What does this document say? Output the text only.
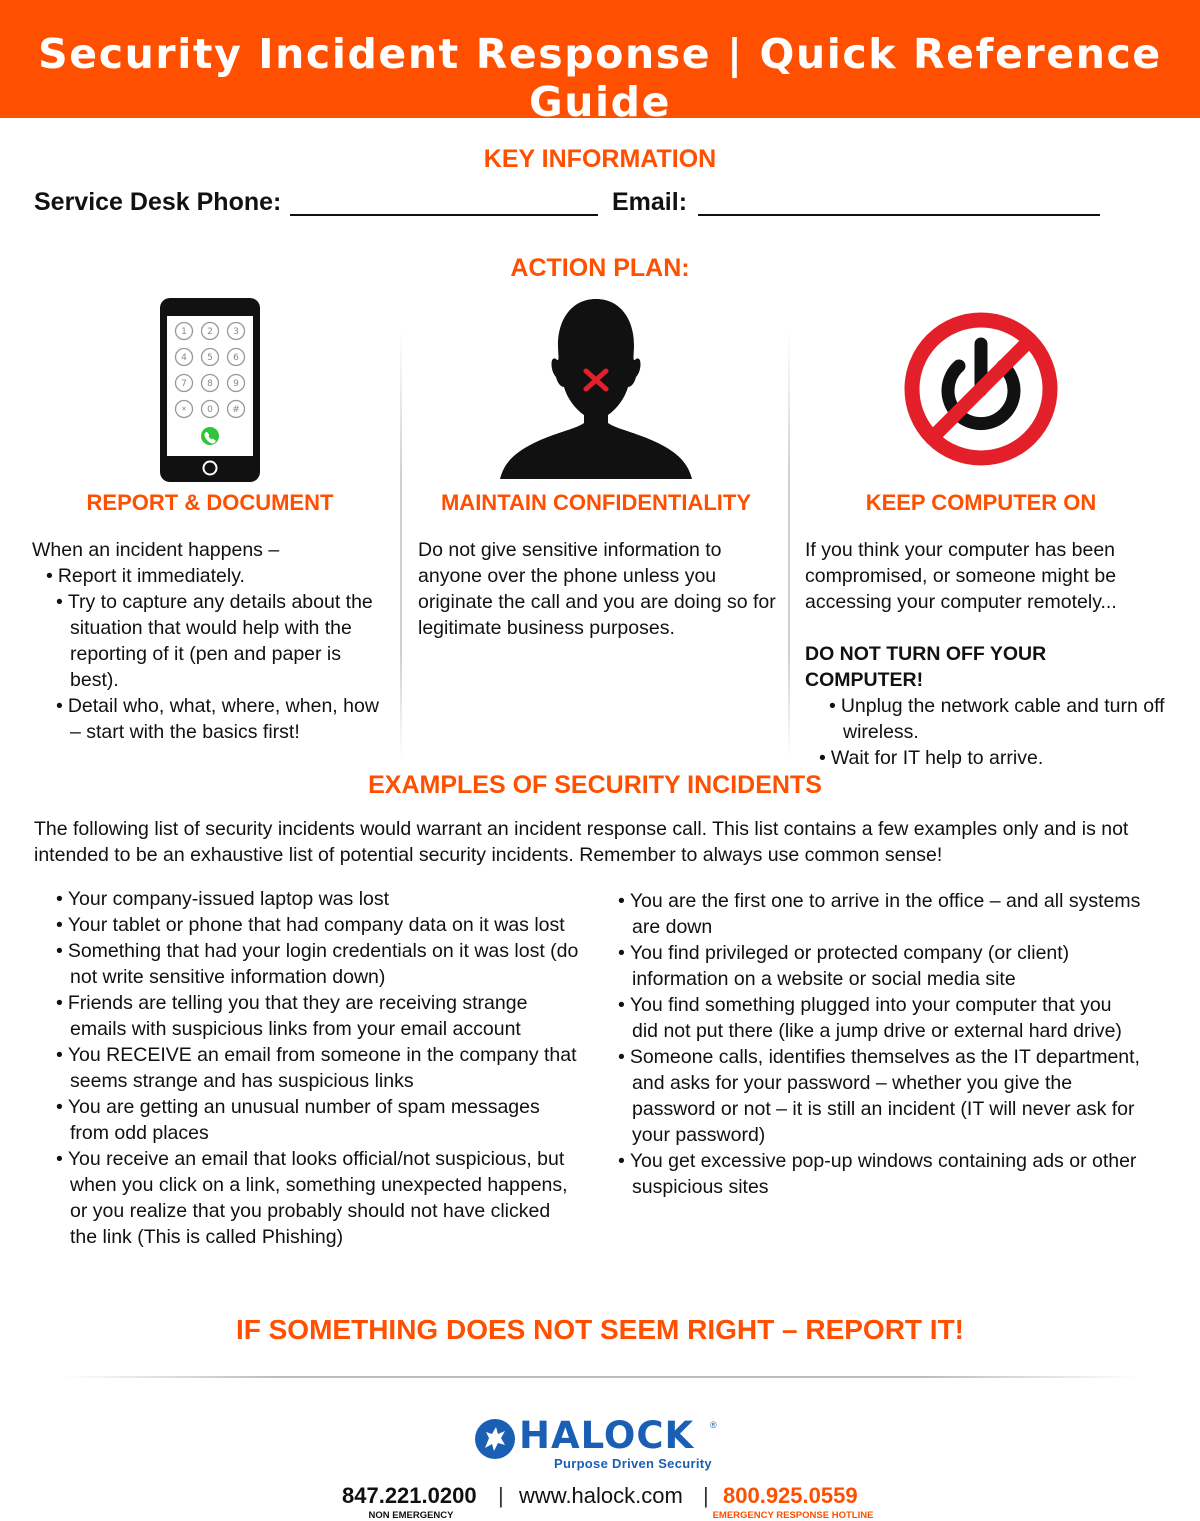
Security Incident Response | Quick Reference Guide
KEY INFORMATION
Service Desk Phone:	Email:
ACTION PLAN:
1 2 3
4 5 6
7 8 9
* 0 #
REPORT & DOCUMENT	MAINTAIN CONFIDENTIALITY	KEEP COMPUTER ON

When an incident happens –

• Report it immediately.

• Try to capture any details about the situation that would help with the reporting of it (pen and paper is best).

• Detail who, what, where, when, how – start with the basics first!

Do not give sensitive information to anyone over the phone unless you originate the call and you are doing so for legitimate business purposes.

If you think your computer has been compromised, or someone might be accessing your computer remotely...

DO NOT TURN OFF YOUR COMPUTER!

• Unplug the network cable and turn off wireless.

• Wait for IT help to arrive.

EXAMPLES OF SECURITY INCIDENTS
The following list of security incidents would warrant an incident response call. This list contains a few examples only and is not intended to be an exhaustive list of potential security incidents. Remember to always use common sense!

• Your company-issued laptop was lost

• Your tablet or phone that had company data on it was lost

• Something that had your login credentials on it was lost (do not write sensitive information down)

• Friends are telling you that they are receiving strange emails with suspicious links from your email account

• You RECEIVE an email from someone in the company that seems strange and has suspicious links

• You are getting an unusual number of spam messages from odd places

• You receive an email that looks official/not suspicious, but when you click on a link, something unexpected happens, or you realize that you probably should not have clicked the link (This is called Phishing)

• You are the first one to arrive in the office – and all systems are down

• You find privileged or protected company (or client) information on a website or social media site

• You find something plugged into your computer that you did not put there (like a jump drive or external hard drive)

• Someone calls, identifies themselves as the IT department, and asks for your password – whether you give the password or not – it is still an incident (IT will never ask for your password)

• You get excessive pop-up windows containing ads or other suspicious sites

IF SOMETHING DOES NOT SEEM RIGHT – REPORT IT!
HALOCK ®
Purpose Driven Security
847.221.0200 | www.halock.com | 800.925.0559
NON EMERGENCY	EMERGENCY RESPONSE HOTLINE
